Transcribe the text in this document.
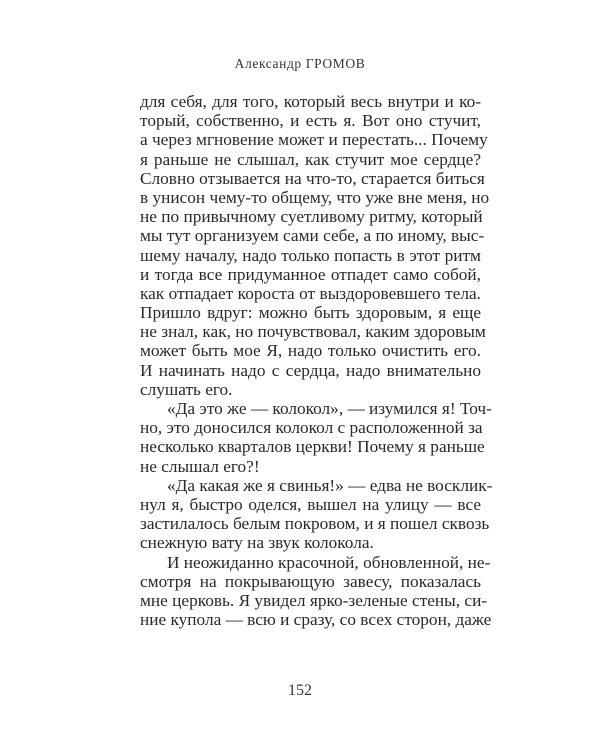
Александр ГРОМОВ
для себя, для того, который весь внутри и ко-
торый, собственно, и есть я. Вот оно стучит,
а через мгновение может и перестать... Почему
я раньше не слышал, как стучит мое сердце?
Словно отзывается на что-то, старается биться
в унисон чему-то общему, что уже вне меня, но
не по привычному суетливому ритму, который
мы тут организуем сами себе, а по иному, выс-
шему началу, надо только попасть в этот ритм
и тогда все придуманное отпадет само собой,
как отпадает короста от выздоровевшего тела.
Пришло вдруг: можно быть здоровым, я еще
не знал, как, но почувствовал, каким здоровым
может быть мое Я, надо только очистить его.
И начинать надо с сердца, надо внимательно
слушать его.
«Да это же — колокол», — изумился я! Точ-
но, это доносился колокол с расположенной за
несколько кварталов церкви! Почему я раньше
не слышал его?!
«Да какая же я свинья!» — едва не восклик-
нул я, быстро оделся, вышел на улицу — все
застилалось белым покровом, и я пошел сквозь
снежную вату на звук колокола.
И неожиданно красочной, обновленной, не-
смотря на покрывающую завесу, показалась
мне церковь. Я увидел ярко-зеленые стены, си-
ние купола — всю и сразу, со всех сторон, даже
152
